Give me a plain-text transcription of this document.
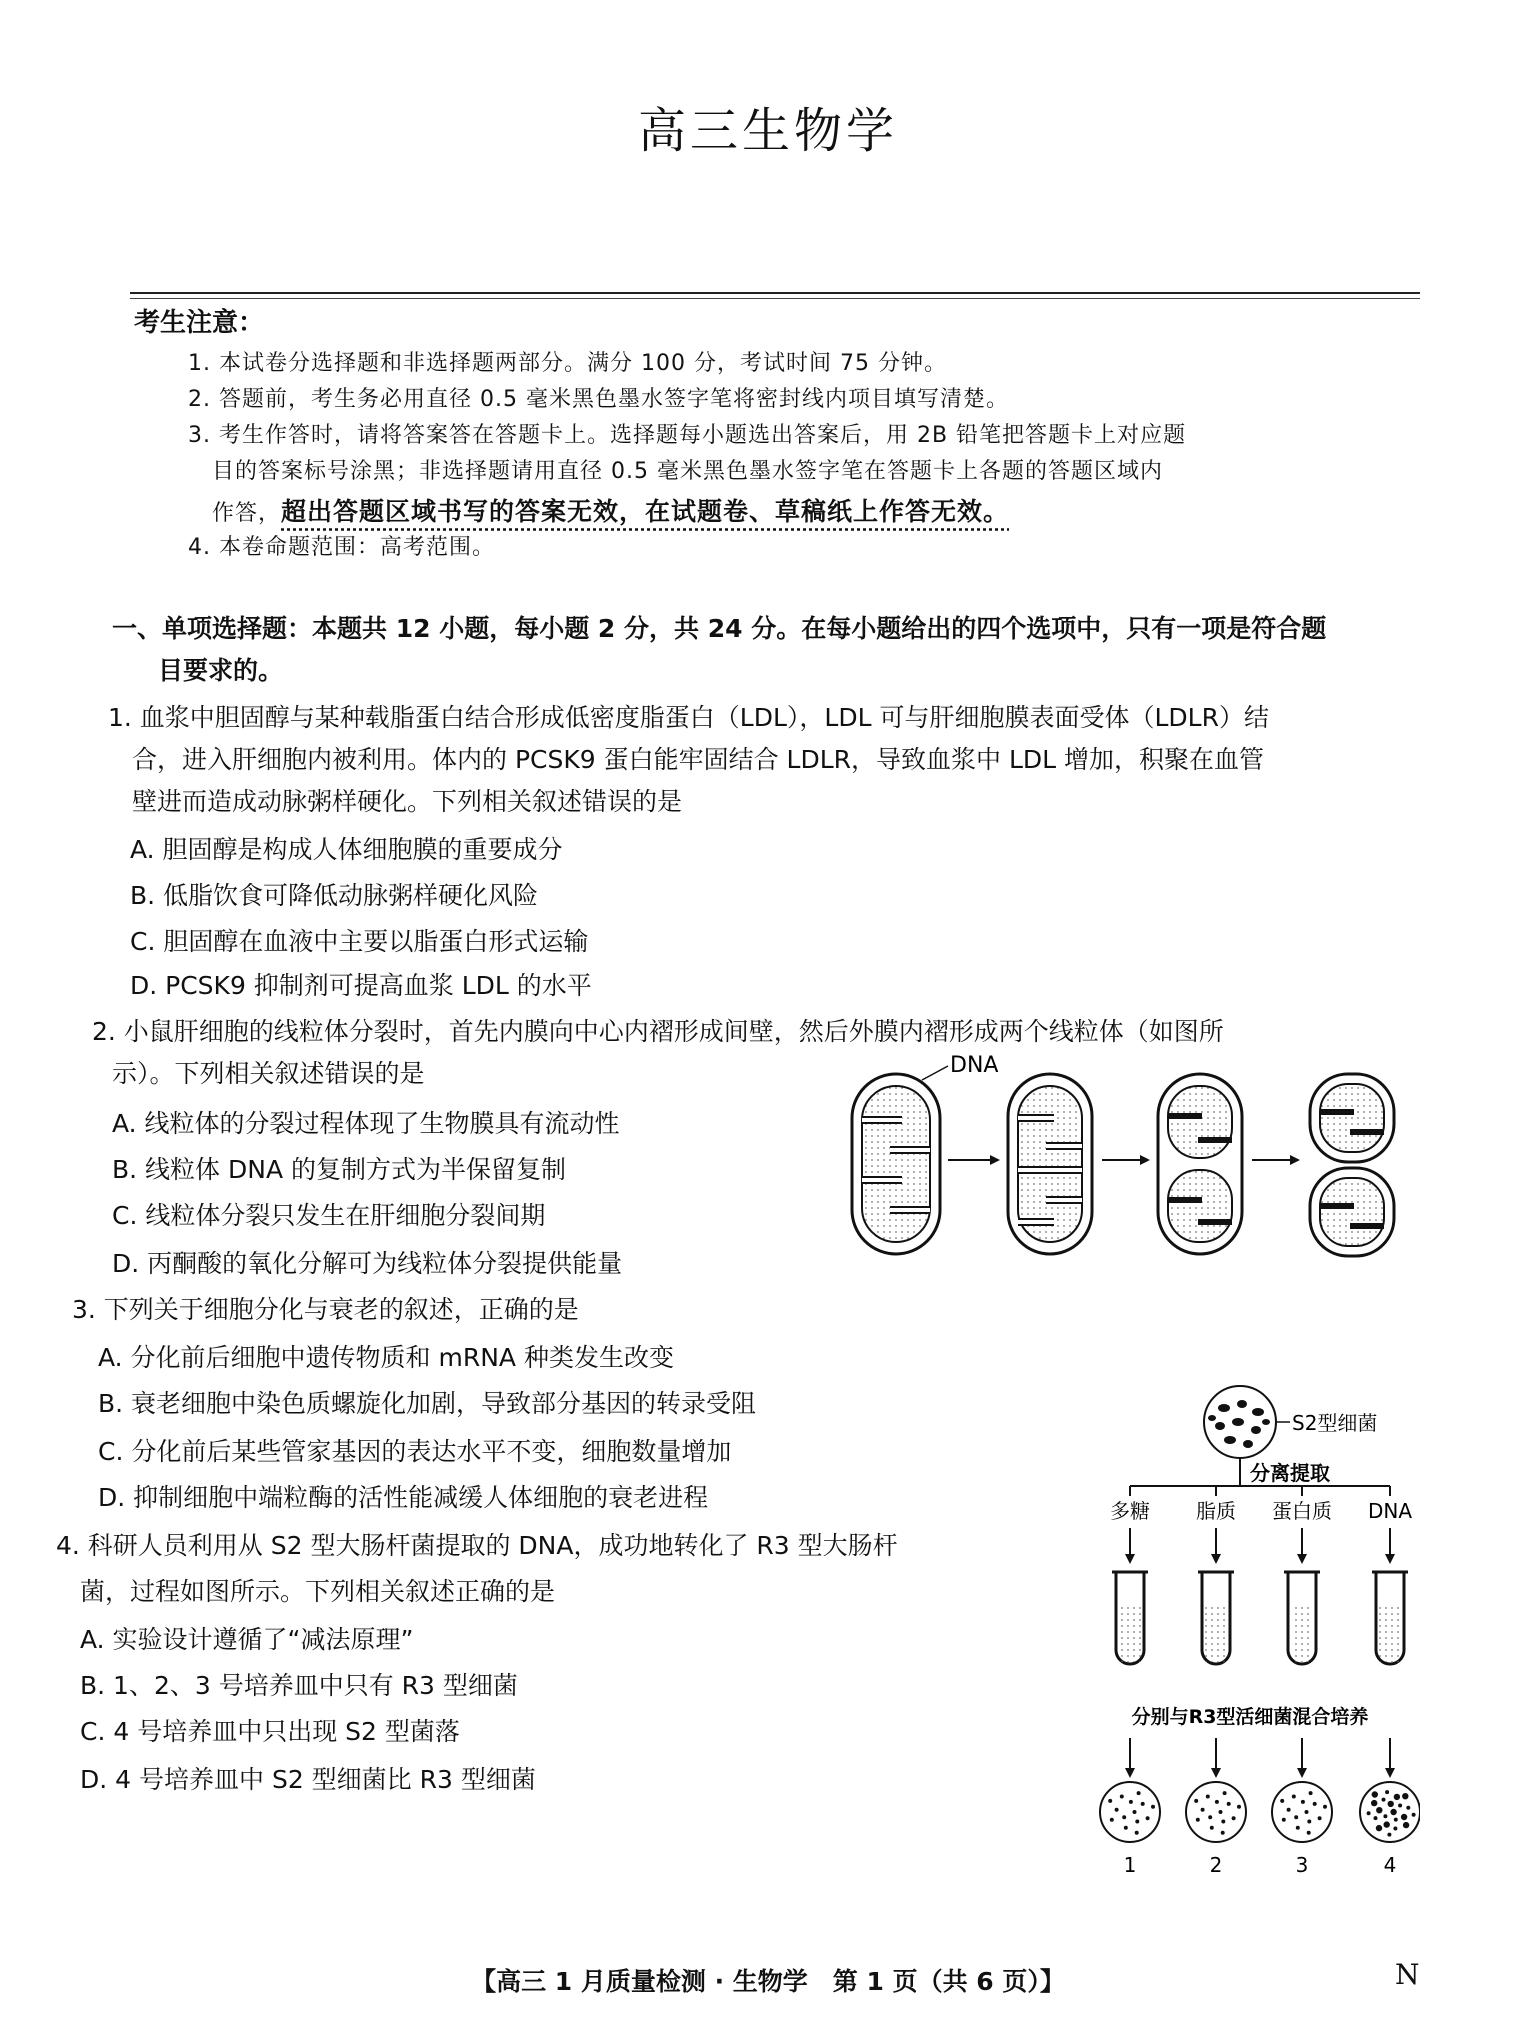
高三生物学
考生注意：
1. 本试卷分选择题和非选择题两部分。满分 100 分，考试时间 75 分钟。
2. 答题前，考生务必用直径 0.5 毫米黑色墨水签字笔将密封线内项目填写清楚。
3. 考生作答时，请将答案答在答题卡上。选择题每小题选出答案后，用 2B 铅笔把答题卡上对应题
目的答案标号涂黑；非选择题请用直径 0.5 毫米黑色墨水签字笔在答题卡上各题的答题区域内
作答，超出答题区域书写的答案无效，在试题卷、草稿纸上作答无效。
4. 本卷命题范围：高考范围。
一、单项选择题：本题共 12 小题，每小题 2 分，共 24 分。在每小题给出的四个选项中，只有一项是符合题
目要求的。
1. 血浆中胆固醇与某种载脂蛋白结合形成低密度脂蛋白（LDL），LDL 可与肝细胞膜表面受体（LDLR）结
合，进入肝细胞内被利用。体内的 PCSK9 蛋白能牢固结合 LDLR，导致血浆中 LDL 增加，积聚在血管
壁进而造成动脉粥样硬化。下列相关叙述错误的是
A. 胆固醇是构成人体细胞膜的重要成分
B. 低脂饮食可降低动脉粥样硬化风险
C. 胆固醇在血液中主要以脂蛋白形式运输
D. PCSK9 抑制剂可提高血浆 LDL 的水平
2. 小鼠肝细胞的线粒体分裂时，首先内膜向中心内褶形成间壁，然后外膜内褶形成两个线粒体（如图所
示）。下列相关叙述错误的是
A. 线粒体的分裂过程体现了生物膜具有流动性
B. 线粒体 DNA 的复制方式为半保留复制
C. 线粒体分裂只发生在肝细胞分裂间期
D. 丙酮酸的氧化分解可为线粒体分裂提供能量
DNA
3. 下列关于细胞分化与衰老的叙述，正确的是
A. 分化前后细胞中遗传物质和 mRNA 种类发生改变
B. 衰老细胞中染色质螺旋化加剧，导致部分基因的转录受阻
C. 分化前后某些管家基因的表达水平不变，细胞数量增加
D. 抑制细胞中端粒酶的活性能减缓人体细胞的衰老进程
4. 科研人员利用从 S2 型大肠杆菌提取的 DNA，成功地转化了 R3 型大肠杆
菌，过程如图所示。下列相关叙述正确的是
A. 实验设计遵循了“减法原理”
B. 1、2、3 号培养皿中只有 R3 型细菌
C. 4 号培养皿中只出现 S2 型菌落
D. 4 号培养皿中 S2 型细菌比 R3 型细菌
S2型细菌
分离提取
多糖
1
脂质
2
蛋白质
3
DNA
4
分别与R3型活细菌混合培养
【高三 1 月质量检测 · 生物学　第 1 页（共 6 页）】	N
